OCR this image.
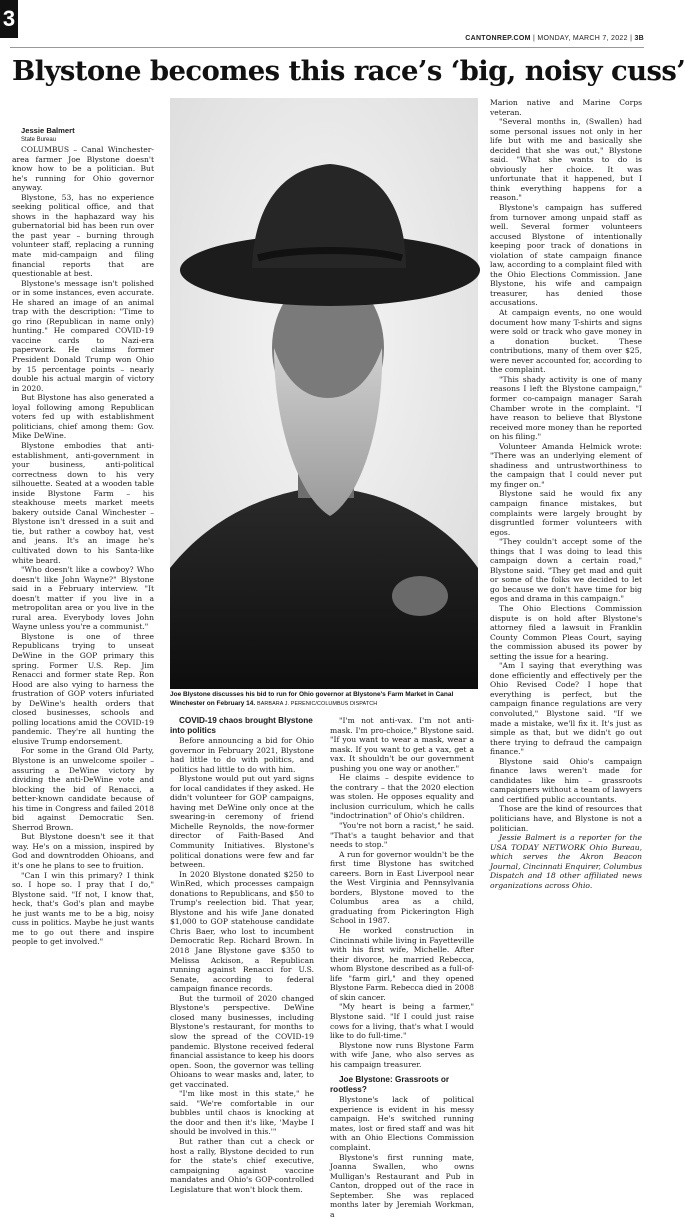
3
CANTONREP.COM | MONDAY, MARCH 7, 2022 | 3B
Blystone becomes this race’s ‘big, noisy cuss’

Jessie Balmert

State Bureau

COLUMBUS – Canal Winchester-area farmer Joe Blystone doesn't know how to be a politician. But he's running for Ohio governor anyway.

Blystone, 53, has no experience seeking political office, and that shows in the haphazard way his gubernatorial bid has been run over the past year – burning through volunteer staff, replacing a running mate mid-campaign and filing financial reports that are questionable at best.

Blystone's message isn't polished or in some instances, even accurate. He shared an image of an animal trap with the description: "Time to go rino (Republican in name only) hunting." He compared COVID-19 vaccine cards to Nazi-era paperwork. He claims former President Donald Trump won Ohio by 15 percentage points – nearly double his actual margin of victory in 2020.

But Blystone has also generated a loyal following among Republican voters fed up with establishment politicians, chief among them: Gov. Mike DeWine.

Blystone embodies that anti-establishment, anti-government in your business, anti-political correctness down to his very silhouette. Seated at a wooden table inside Blystone Farm – his steakhouse meets market meets bakery outside Canal Winchester – Blystone isn't dressed in a suit and tie, but rather a cowboy hat, vest and jeans. It's an image he's cultivated down to his Santa-like white beard.

"Who doesn't like a cowboy? Who doesn't like John Wayne?" Blystone said in a February interview. "It doesn't matter if you live in a metropolitan area or you live in the rural area. Everybody loves John Wayne unless you're a communist."

Blystone is one of three Republicans trying to unseat DeWine in the GOP primary this spring. Former U.S. Rep. Jim Renacci and former state Rep. Ron Hood are also vying to harness the frustration of GOP voters infuriated by DeWine's health orders that closed businesses, schools and polling locations amid the COVID-19 pandemic. They're all hunting the elusive Trump endorsement.

For some in the Grand Old Party, Blystone is an unwelcome spoiler – assuring a DeWine victory by dividing the anti-DeWine vote and blocking the bid of Renacci, a better-known candidate because of his time in Congress and failed 2018 bid against Democratic Sen. Sherrod Brown.

But Blystone doesn't see it that way. He's on a mission, inspired by God and downtrodden Ohioans, and it's one he plans to see to fruition.

"Can I win this primary? I think so. I hope so. I pray that I do," Blystone said. "If not, I know that, heck, that's God's plan and maybe he just wants me to be a big, noisy cuss in politics. Maybe he just wants me to go out there and inspire people to get involved."

Joe Blystone discusses his bid to run for Ohio governor at Blystone's Farm Market in Canal Winchester on February 14. BARBARA J. PERENIC/COLUMBUS DISPATCH

COVID-19 chaos brought Blystone into politics

Before announcing a bid for Ohio governor in February 2021, Blystone had little to do with politics, and politics had little to do with him.

Blystone would put out yard signs for local candidates if they asked. He didn't volunteer for GOP campaigns, having met DeWine only once at the swearing-in ceremony of friend Michelle Reynolds, the now-former director of Faith-Based And Community Initiatives. Blystone's political donations were few and far between.

In 2020 Blystone donated $250 to WinRed, which processes campaign donations to Republicans, and $50 to Trump's reelection bid. That year, Blystone and his wife Jane donated $1,000 to GOP statehouse candidate Chris Baer, who lost to incumbent Democratic Rep. Richard Brown. In 2018 Jane Blystone gave $350 to Melissa Ackison, a Republican running against Renacci for U.S. Senate, according to federal campaign finance records.

But the turmoil of 2020 changed Blystone's perspective. DeWine closed many businesses, including Blystone's restaurant, for months to slow the spread of the COVID-19 pandemic. Blystone received federal financial assistance to keep his doors open. Soon, the governor was telling Ohioans to wear masks and, later, to get vaccinated.

"I'm like most in this state," he said. "We're comfortable in our bubbles until chaos is knocking at the door and then it's like, 'Maybe I should be involved in this.'"

But rather than cut a check or host a rally, Blystone decided to run for the state's chief executive, campaigning against vaccine mandates and Ohio's GOP-controlled Legislature that won't block them.

"I'm not anti-vax. I'm not anti-mask. I'm pro-choice," Blystone said. "If you want to wear a mask, wear a mask. If you want to get a vax, get a vax. It shouldn't be our government pushing you one way or another."

He claims – despite evidence to the contrary – that the 2020 election was stolen. He opposes equality and inclusion curriculum, which he calls "indoctrination" of Ohio's children.

"You're not born a racist," he said. "That's a taught behavior and that needs to stop."

A run for governor wouldn't be the first time Blystone has switched careers. Born in East Liverpool near the West Virginia and Pennsylvania borders, Blystone moved to the Columbus area as a child, graduating from Pickerington High School in 1987.

He worked construction in Cincinnati while living in Fayetteville with his first wife, Michelle. After their divorce, he married Rebecca, whom Blystone described as a full-of-life "farm girl," and they opened Blystone Farm. Rebecca died in 2008 of skin cancer.

"My heart is being a farmer," Blystone said. "If I could just raise cows for a living, that's what I would like to do full-time."

Blystone now runs Blystone Farm with wife Jane, who also serves as his campaign treasurer.

Joe Blystone: Grassroots or rootless?

Blystone's lack of political experience is evident in his messy campaign. He's switched running mates, lost or fired staff and was hit with an Ohio Elections Commission complaint.

Blystone's first running mate, Joanna Swallen, who owns Mulligan's Restaurant and Pub in Canton, dropped out of the race in September. She was replaced months later by Jeremiah Workman, a

Marion native and Marine Corps veteran.

"Several months in, (Swallen) had some personal issues not only in her life but with me and basically she decided that she was out," Blystone said. "What she wants to do is obviously her choice. It was unfortunate that it happened, but I think everything happens for a reason."

Blystone's campaign has suffered from turnover among unpaid staff as well. Several former volunteers accused Blystone of intentionally keeping poor track of donations in violation of state campaign finance law, according to a complaint filed with the Ohio Elections Commission. Jane Blystone, his wife and campaign treasurer, has denied those accusations.

At campaign events, no one would document how many T-shirts and signs were sold or track who gave money in a donation bucket. These contributions, many of them over $25, were never accounted for, according to the complaint.

"This shady activity is one of many reasons I left the Blystone campaign," former co-campaign manager Sarah Chamber wrote in the complaint. "I have reason to believe that Blystone received more money than he reported on his filing."

Volunteer Amanda Helmick wrote: "There was an underlying element of shadiness and untrustworthiness to the campaign that I could never put my finger on."

Blystone said he would fix any campaign finance mistakes, but complaints were largely brought by disgruntled former volunteers with egos.

"They couldn't accept some of the things that I was doing to lead this campaign down a certain road," Blystone said. "They get mad and quit or some of the folks we decided to let go because we don't have time for big egos and drama in this campaign."

The Ohio Elections Commission dispute is on hold after Blystone's attorney filed a lawsuit in Franklin County Common Pleas Court, saying the commission abused its power by setting the issue for a hearing.

"Am I saying that everything was done efficiently and effectively per the Ohio Revised Code? I hope that everything is perfect, but the campaign finance regulations are very convoluted," Blystone said. "If we made a mistake, we'll fix it. It's just as simple as that, but we didn't go out there trying to defraud the campaign finance."

Blystone said Ohio's campaign finance laws weren't made for candidates like him – grassroots campaigners without a team of lawyers and certified public accountants.

Those are the kind of resources that politicians have, and Blystone is not a politician.

Jessie Balmert is a reporter for the USA TODAY NETWORK Ohio Bureau, which serves the Akron Beacon Journal, Cincinnati Enquirer, Columbus Dispatch and 18 other affiliated news organizations across Ohio.
